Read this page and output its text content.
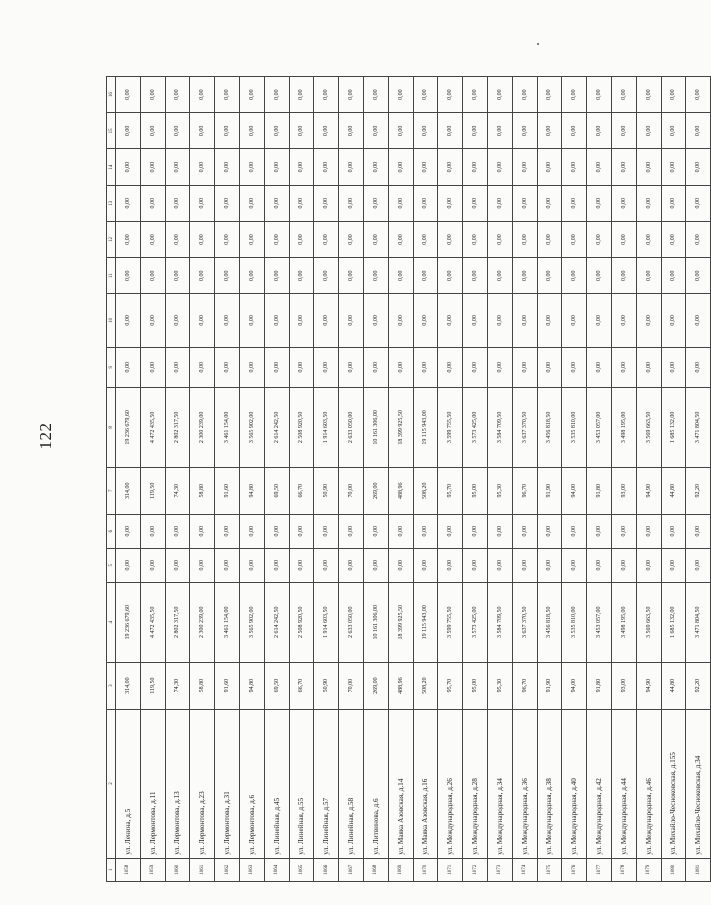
122
1	2	3	4	5	6	7	8	9	10	11	12	13	14	15	16
1058	ул. Ленина, д.5	314,00	19 236 679,60	0,00	0,00	314,00	19 236 679,60	0,00	0,00	0,00	0,00	0,00	0,00	0,00	0,00
1059	ул. Лермонтова, д.11	119,50	4 472 435,50	0,00	0,00	119,50	4 472 435,50	0,00	0,00	0,00	0,00	0,00	0,00	0,00	0,00
1060	ул. Лермонтова, д.13	74,30	2 802 317,50	0,00	0,00	74,30	2 802 317,50	0,00	0,00	0,00	0,00	0,00	0,00	0,00	0,00
1061	ул. Лермонтова, д.23	58,80	2 300 239,00	0,00	0,00	58,80	2 300 239,00	0,00	0,00	0,00	0,00	0,00	0,00	0,00	0,00
1062	ул. Лермонтова, д.31	91,60	3 461 154,00	0,00	0,00	91,60	3 461 154,00	0,00	0,00	0,00	0,00	0,00	0,00	0,00	0,00
1063	ул. Лермонтова, д.6	94,80	3 565 902,00	0,00	0,00	94,80	3 565 902,00	0,00	0,00	0,00	0,00	0,00	0,00	0,00	0,00
1064	ул. Линейная, д.45	69,50	2 614 242,50	0,00	0,00	69,50	2 614 242,50	0,00	0,00	0,00	0,00	0,00	0,00	0,00	0,00
1065	ул. Линейная, д.55	66,70	2 508 920,50	0,00	0,00	66,70	2 508 920,50	0,00	0,00	0,00	0,00	0,00	0,00	0,00	0,00
1066	ул. Линейная, д.57	50,90	1 914 603,50	0,00	0,00	50,90	1 914 603,50	0,00	0,00	0,00	0,00	0,00	0,00	0,00	0,00
1067	ул. Линейная, д.58	70,00	2 633 050,00	0,00	0,00	70,00	2 633 050,00	0,00	0,00	0,00	0,00	0,00	0,00	0,00	0,00
1068	ул. Литвинова, д.6	269,00	10 161 306,00	0,00	0,00	269,00	10 161 306,00	0,00	0,00	0,00	0,00	0,00	0,00	0,00	0,00
1069	ул. Маяка Азовская, д.14	488,96	18 399 925,50	0,00	0,00	488,96	18 399 925,50	0,00	0,00	0,00	0,00	0,00	0,00	0,00	0,00
1070	ул. Маяка Азовская, д.16	508,20	19 115 943,00	0,00	0,00	508,20	19 115 943,00	0,00	0,00	0,00	0,00	0,00	0,00	0,00	0,00
1071	ул. Международная, д.26	95,70	3 599 755,50	0,00	0,00	95,70	3 599 755,50	0,00	0,00	0,00	0,00	0,00	0,00	0,00	0,00
1072	ул. Международная, д.28	95,00	3 573 425,00	0,00	0,00	95,00	3 573 425,00	0,00	0,00	0,00	0,00	0,00	0,00	0,00	0,00
1073	ул. Международная, д.34	95,30	3 584 709,50	0,00	0,00	95,30	3 584 709,50	0,00	0,00	0,00	0,00	0,00	0,00	0,00	0,00
1074	ул. Международная, д.36	96,70	3 637 370,50	0,00	0,00	96,70	3 637 370,50	0,00	0,00	0,00	0,00	0,00	0,00	0,00	0,00
1075	ул. Международная, д.38	91,90	3 456 818,50	0,00	0,00	91,90	3 456 818,50	0,00	0,00	0,00	0,00	0,00	0,00	0,00	0,00
1076	ул. Международная, д.40	94,00	3 535 810,00	0,00	0,00	94,00	3 535 810,00	0,00	0,00	0,00	0,00	0,00	0,00	0,00	0,00
1077	ул. Международная, д.42	91,80	3 453 057,00	0,00	0,00	91,80	3 453 057,00	0,00	0,00	0,00	0,00	0,00	0,00	0,00	0,00
1078	ул. Международная, д.44	93,00	3 498 195,00	0,00	0,00	93,00	3 498 195,00	0,00	0,00	0,00	0,00	0,00	0,00	0,00	0,00
1079	ул. Международная, д.46	94,90	3 569 663,50	0,00	0,00	94,90	3 569 663,50	0,00	0,00	0,00	0,00	0,00	0,00	0,00	0,00
1080	ул. Михайло-Чесноковская, д.155	44,80	1 685 132,00	0,00	0,00	44,80	1 685 132,00	0,00	0,00	0,00	0,00	0,00	0,00	0,00	0,00
1081	ул. Михайло-Чесноковская, д.34	92,20	3 471 804,50	0,00	0,00	92,20	3 471 804,50	0,00	0,00	0,00	0,00	0,00	0,00	0,00	0,00
